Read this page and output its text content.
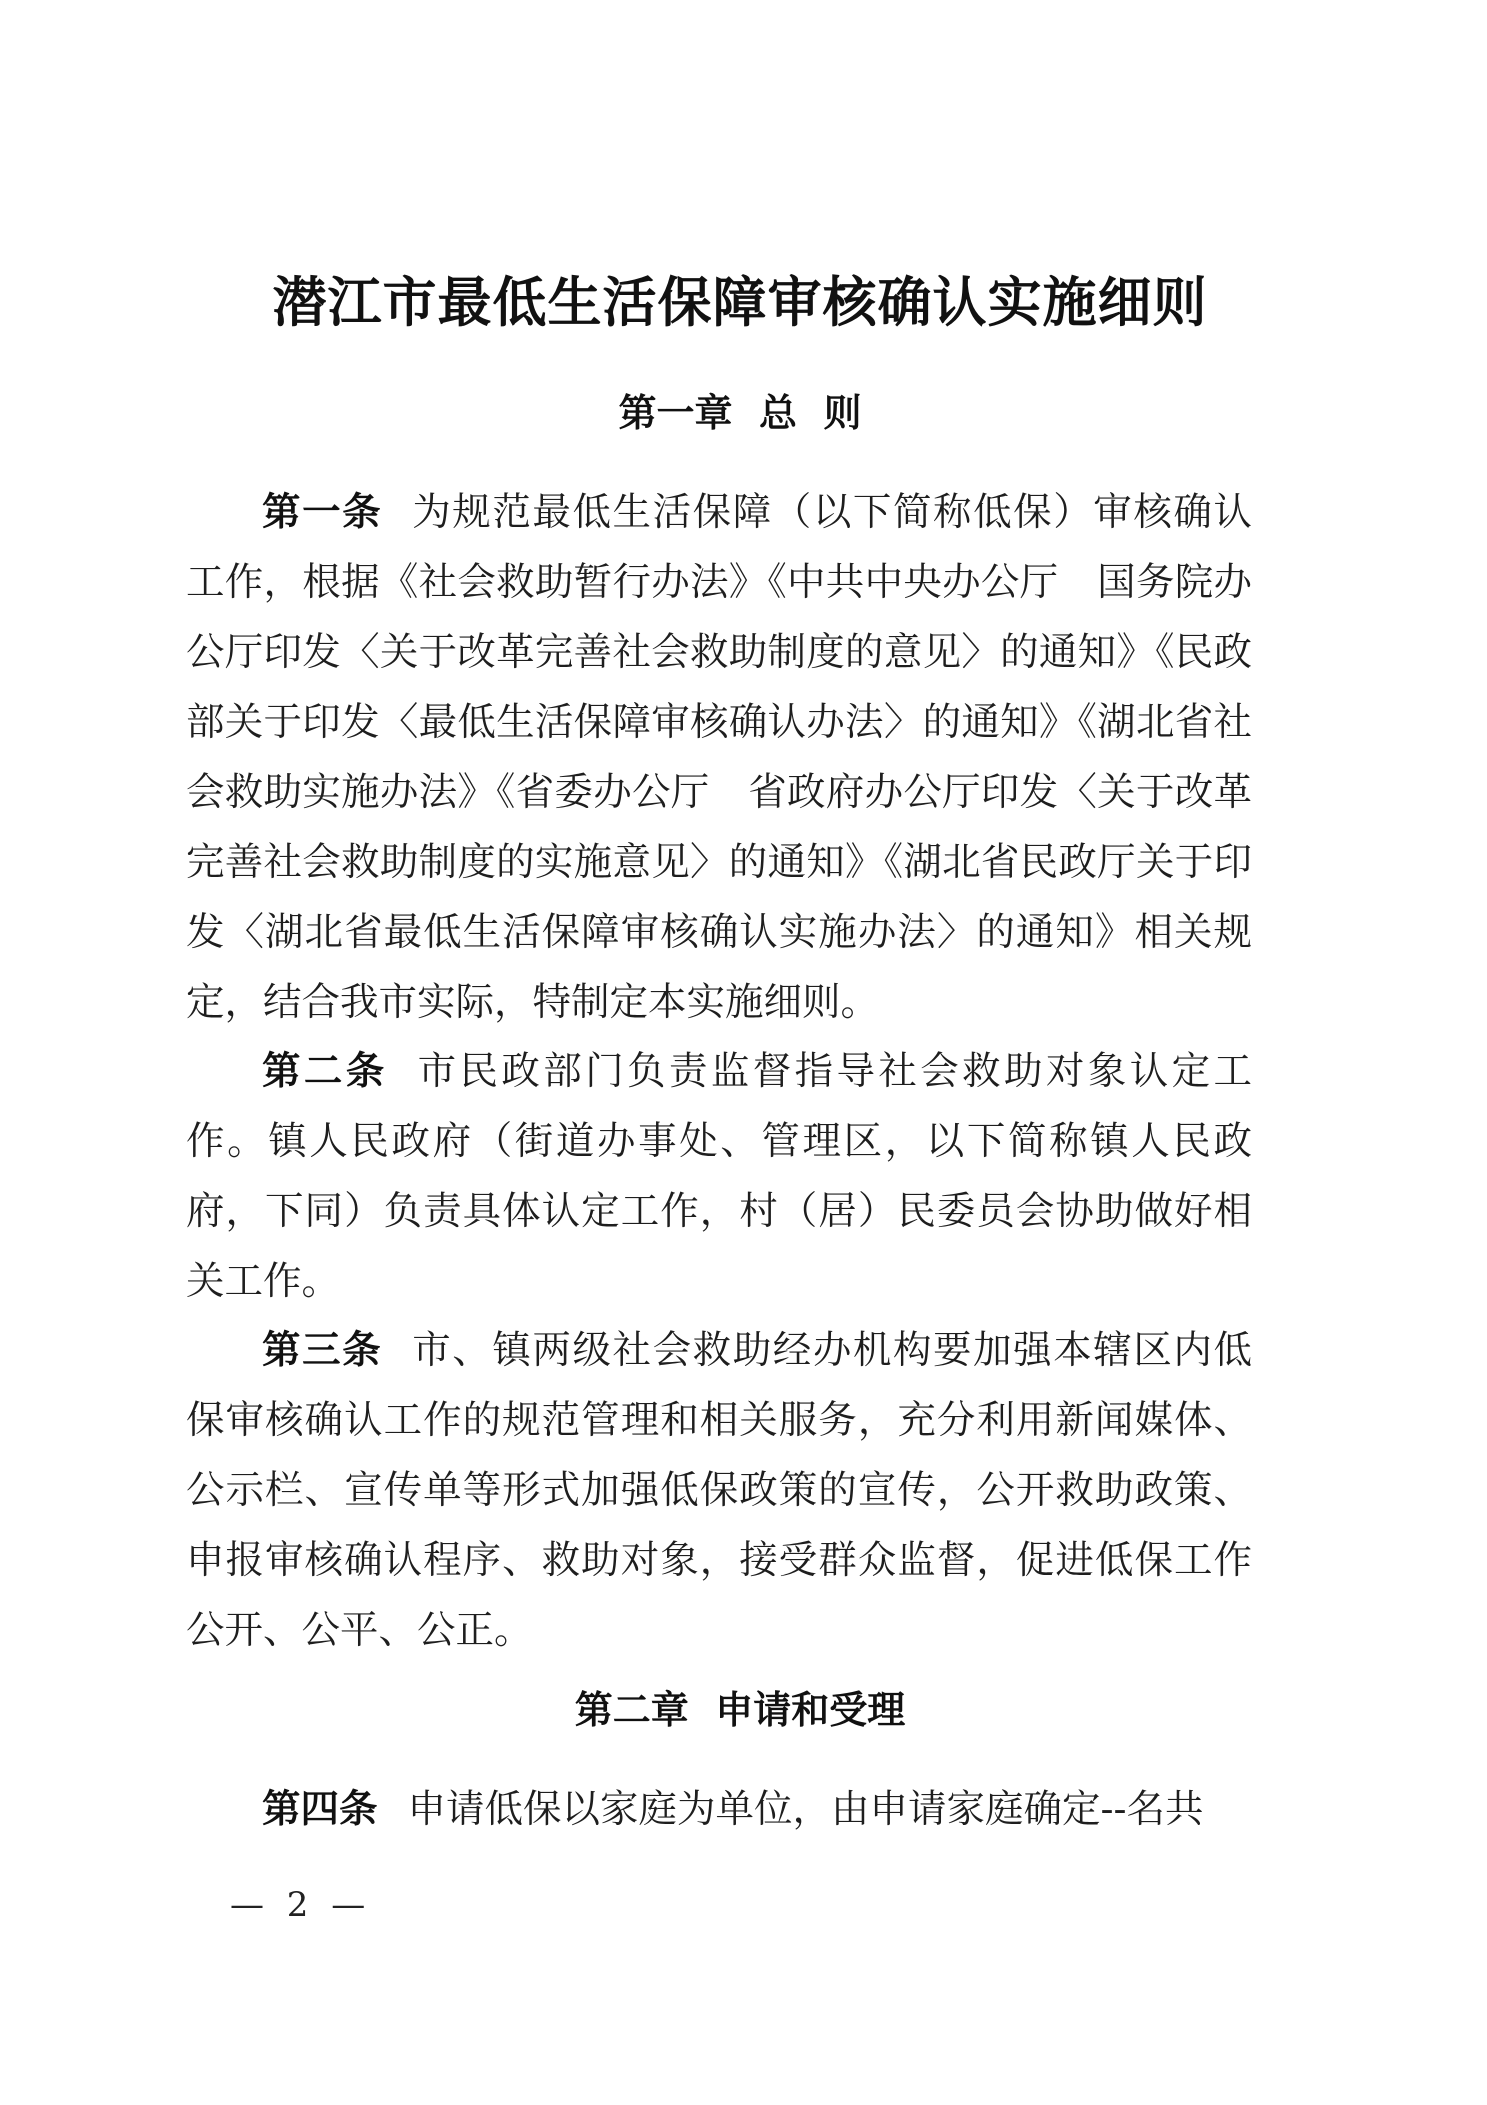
潜江市最低生活保障审核确认实施细则
第一章  总  则

第一条 为规范最低生活保障（以下简称低保）审核确认工作，根据《社会救助暂行办法》《中共中央办公厅　国务院办公厅印发〈关于改革完善社会救助制度的意见〉的通知》《民政部关于印发〈最低生活保障审核确认办法〉的通知》《湖北省社会救助实施办法》《省委办公厅　省政府办公厅印发〈关于改革完善社会救助制度的实施意见〉的通知》《湖北省民政厅关于印发〈湖北省最低生活保障审核确认实施办法〉的通知》相关规定，结合我市实际，特制定本实施细则。

第二条 市民政部门负责监督指导社会救助对象认定工作。镇人民政府（街道办事处、管理区，以下简称镇人民政府，下同）负责具体认定工作，村（居）民委员会协助做好相关工作。

第三条 市、镇两级社会救助经办机构要加强本辖区内低保审核确认工作的规范管理和相关服务，充分利用新闻媒体、公示栏、宣传单等形式加强低保政策的宣传，公开救助政策、申报审核确认程序、救助对象，接受群众监督，促进低保工作公开、公平、公正。

第二章  申请和受理

第四条 申请低保以家庭为单位，由申请家庭确定--名共

— 2 —
